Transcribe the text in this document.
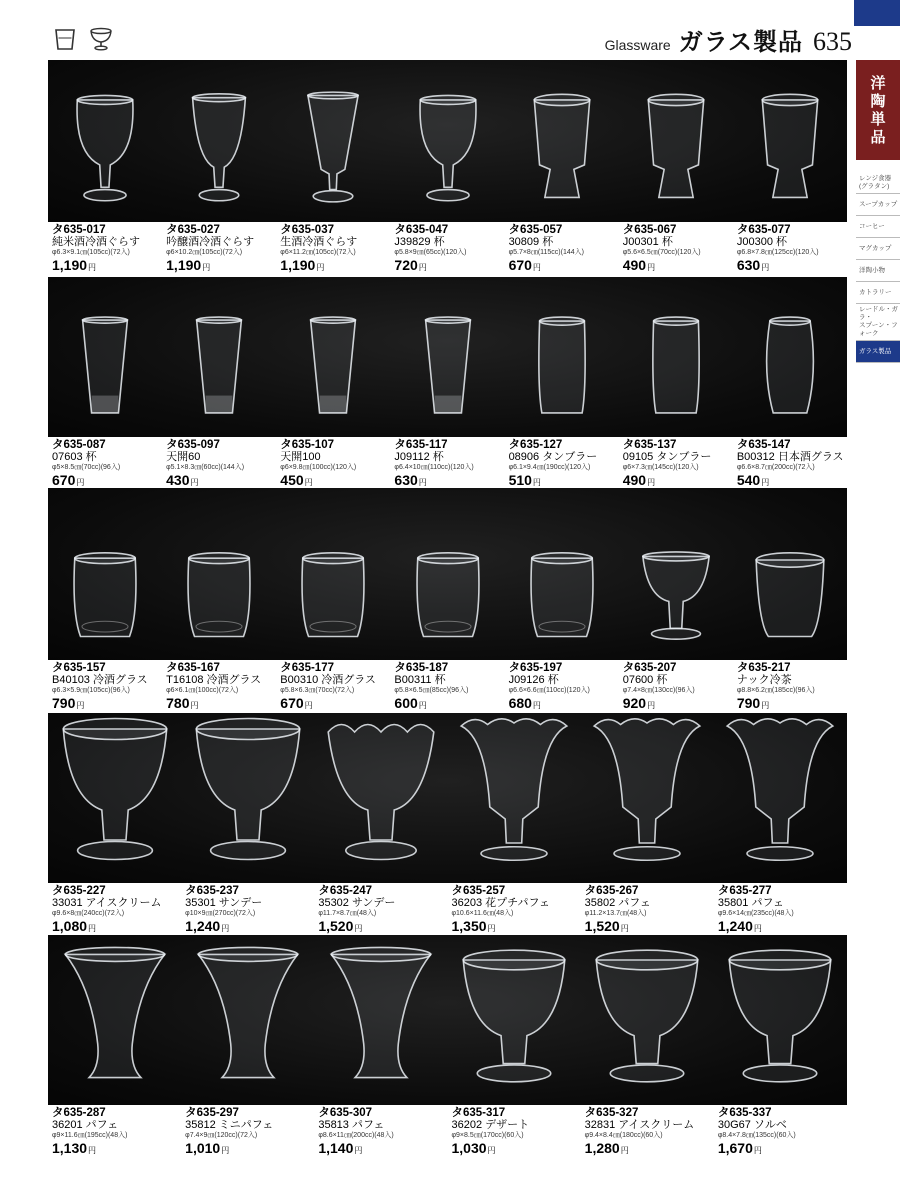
Glassware ガラス製品 635
洋
陶
単
品
レンジ食器
(グラタン)
スープカップ
コーヒー
マグカップ
洋陶小物
カトラリー
レードル・ガラ・
スプーン・フォーク
ガラス製品
タ635-017
純米酒冷酒ぐらす
φ6.3×9.1㎝(105cc)(72入)
1,190円
タ635-027
吟醸酒冷酒ぐらす
φ6×10.2㎝(105cc)(72入)
1,190円
タ635-037
生酒冷酒ぐらす
φ6×11.2㎝(105cc)(72入)
1,190円
タ635-047
J39829 杯
φ5.8×9㎝(65cc)(120入)
720円
タ635-057
30809 杯
φ5.7×8㎝(115cc)(144入)
670円
タ635-067
J00301 杯
φ5.6×6.5㎝(70cc)(120入)
490円
タ635-077
J00300 杯
φ6.8×7.8㎝(125cc)(120入)
630円
タ635-087
07603 杯
φ5×8.5㎝(70cc)(96入)
670円
タ635-097
天開60
φ5.1×8.3㎝(60cc)(144入)
430円
タ635-107
天開100
φ6×9.8㎝(100cc)(120入)
450円
タ635-117
J09112 杯
φ6.4×10㎝(110cc)(120入)
630円
タ635-127
08906 タンブラー
φ6.1×9.4㎝(190cc)(120入)
510円
タ635-137
09105 タンブラー
φ6×7.3㎝(145cc)(120入)
490円
タ635-147
B00312 日本酒グラス
φ6.6×8.7㎝(200cc)(72入)
540円
タ635-157
B40103 冷酒グラス
φ6.3×5.9㎝(105cc)(96入)
790円
タ635-167
T16108 冷酒グラス
φ6×6.1㎝(100cc)(72入)
780円
タ635-177
B00310 冷酒グラス
φ5.8×6.3㎝(70cc)(72入)
670円
タ635-187
B00311 杯
φ5.8×6.5㎝(85cc)(96入)
600円
タ635-197
J09126 杯
φ6.6×6.6㎝(110cc)(120入)
680円
タ635-207
07600 杯
φ7.4×8㎝(130cc)(96入)
920円
タ635-217
ナック冷茶
φ8.8×6.2㎝(185cc)(96入)
790円
タ635-227
33031 アイスクリーム
φ9.6×8㎝(240cc)(72入)
1,080円
タ635-237
35301 サンデー
φ10×9㎝(270cc)(72入)
1,240円
タ635-247
35302 サンデー
φ11.7×8.7㎝(48入)
1,520円
タ635-257
36203 花プチパフェ
φ10.6×11.6㎝(48入)
1,350円
タ635-267
35802 パフェ
φ11.2×13.7㎝(48入)
1,520円
タ635-277
35801 パフェ
φ9.6×14㎝(235cc)(48入)
1,240円
タ635-287
36201 パフェ
φ9×11.6㎝(195cc)(48入)
1,130円
タ635-297
35812 ミニパフェ
φ7.4×9㎝(120cc)(72入)
1,010円
タ635-307
35813 パフェ
φ8.6×11㎝(200cc)(48入)
1,140円
タ635-317
36202 デザート
φ9×8.5㎝(170cc)(60入)
1,030円
タ635-327
32831 アイスクリーム
φ9.4×8.4㎝(180cc)(60入)
1,280円
タ635-337
30G67 ソルベ
φ8.4×7.8㎝(135cc)(60入)
1,670円
